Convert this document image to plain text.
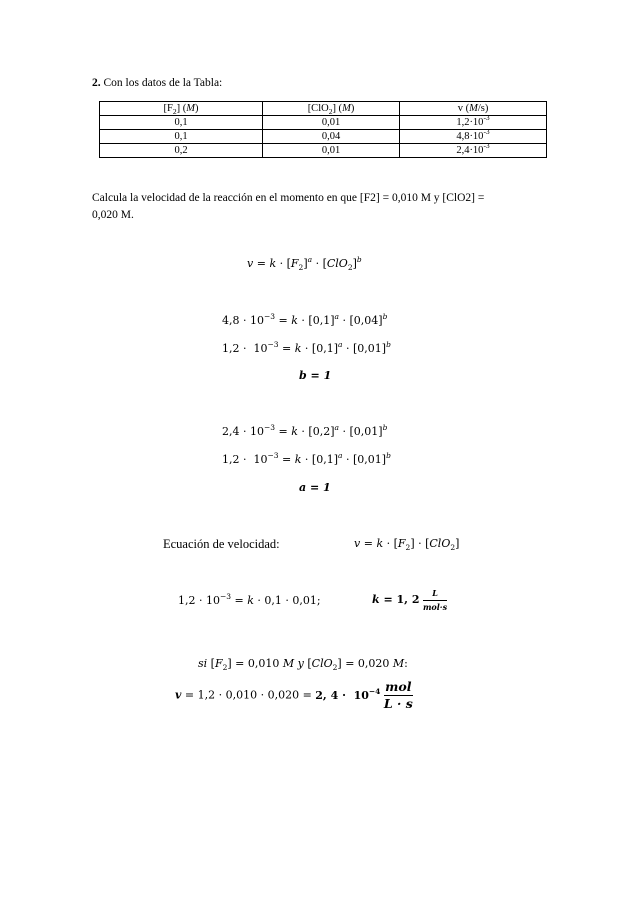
2. Con los datos de la Tabla:
$[F_2]$ (M)	[ClO$_2$] (M)	v (M/s)
0,1	0,01	$1,2\cdot 10^{-3}$
0,1	0,04	$4,8\cdot 10^{-3}$
0,2	0,01	$2,4\cdot 10^{-3}$
Calcula la velocidad de la reacción en el momento en que [F2] = 0,010 M y [ClO2] =
0,020 M.
$v = k \cdot [F_2]^a \cdot [ClO_2]^b$
$4,8 \cdot 10^{-3} = k \cdot [0,1]^a \cdot [0,04]^b$
$1,2 \cdot 10^{-3} = k \cdot [0,1]^a \cdot [0,01]^b$
b = 1
$2,4 \cdot 10^{-3} = k \cdot [0,2]^a \cdot [0,01]^b$
$1,2 \cdot 10^{-3} = k \cdot [0,1]^a \cdot [0,01]^b$
a = 1
Ecuación de velocidad:	$v = k \cdot [F_2] \cdot [ClO_2]$
$1,2 \cdot 10^{-3} = k \cdot 0,1 \cdot 0,01$;	k = 1, $2 \frac{L}{\text{mol·s}}$
si $[F_2] = 0,010$ M y [ClO$_2$] = 0,020 M:
v = 1,2 · 0,010 · 0,020 = 2, $4 \cdot 10^{-4} \frac{\text{mol}}{L \cdot s}$
